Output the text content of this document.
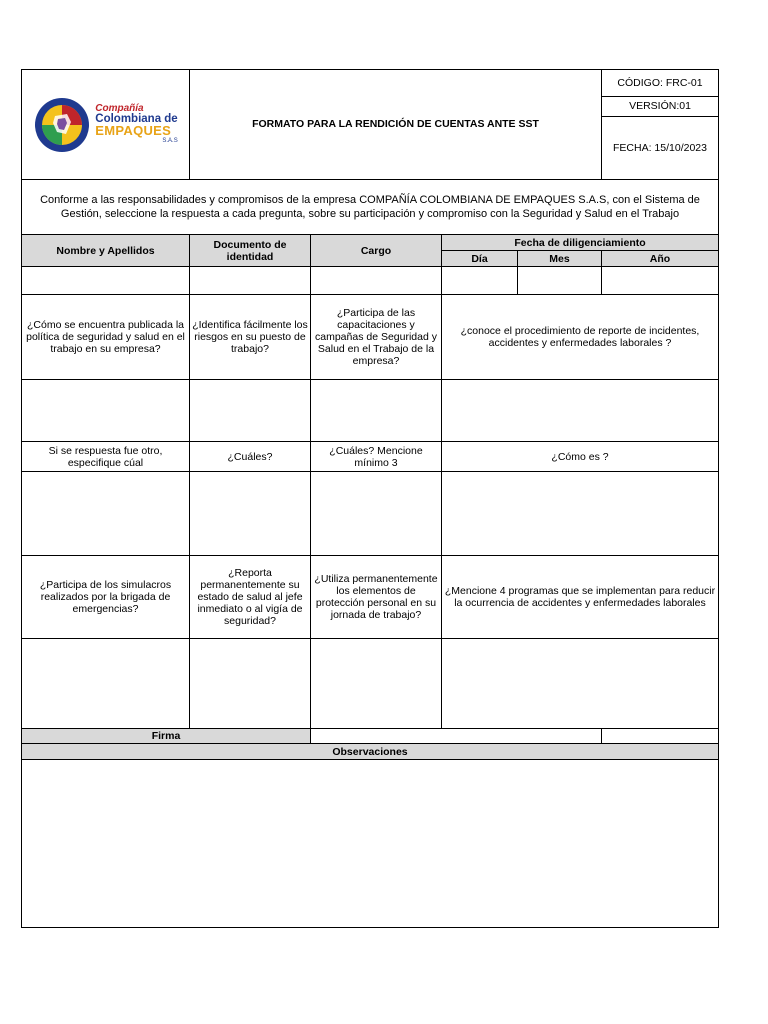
Compañía
Colombiana de
EMPAQUES
S.A.S	FORMATO PARA LA RENDICIÓN DE CUENTAS ANTE SST				CÓDIGO: FRC-01
					VERSIÓN:01
					FECHA: 15/10/2023
Conforme a las responsabilidades y compromisos de la empresa COMPAÑÍA COLOMBIANA DE EMPAQUES S.A.S, con el Sistema de Gestión, seleccione la respuesta a cada pregunta, sobre su participación y compromiso con la Seguridad y Salud en el Trabajo					
Nombre y Apellidos	Documento de identidad	Cargo	Fecha de diligenciamiento		
			Día	Mes	Año

¿Cómo se encuentra publicada la política de seguridad y salud en el trabajo en su empresa?	¿Identifica fácilmente los riesgos en su puesto de trabajo?	¿Participa de las capacitaciones y campañas de Seguridad y Salud en el Trabajo de la empresa?	¿conoce el procedimiento de reporte de incidentes, accidentes y enfermedades laborales ?		

Si se respuesta fue otro, especifique cúal	¿Cuáles?	¿Cuáles? Mencione mínimo 3	¿Cómo es ?		

¿Participa de los simulacros realizados por la brigada de emergencias?	¿Reporta permanentemente su estado de salud al jefe inmediato o al vigía de seguridad?	¿Utiliza permanentemente los elementos de protección personal en su jornada de trabajo?	¿Mencione 4 programas que se implementan para reducir la ocurrencia de accidentes y enfermedades laborales		

Firma					
Observaciones					
